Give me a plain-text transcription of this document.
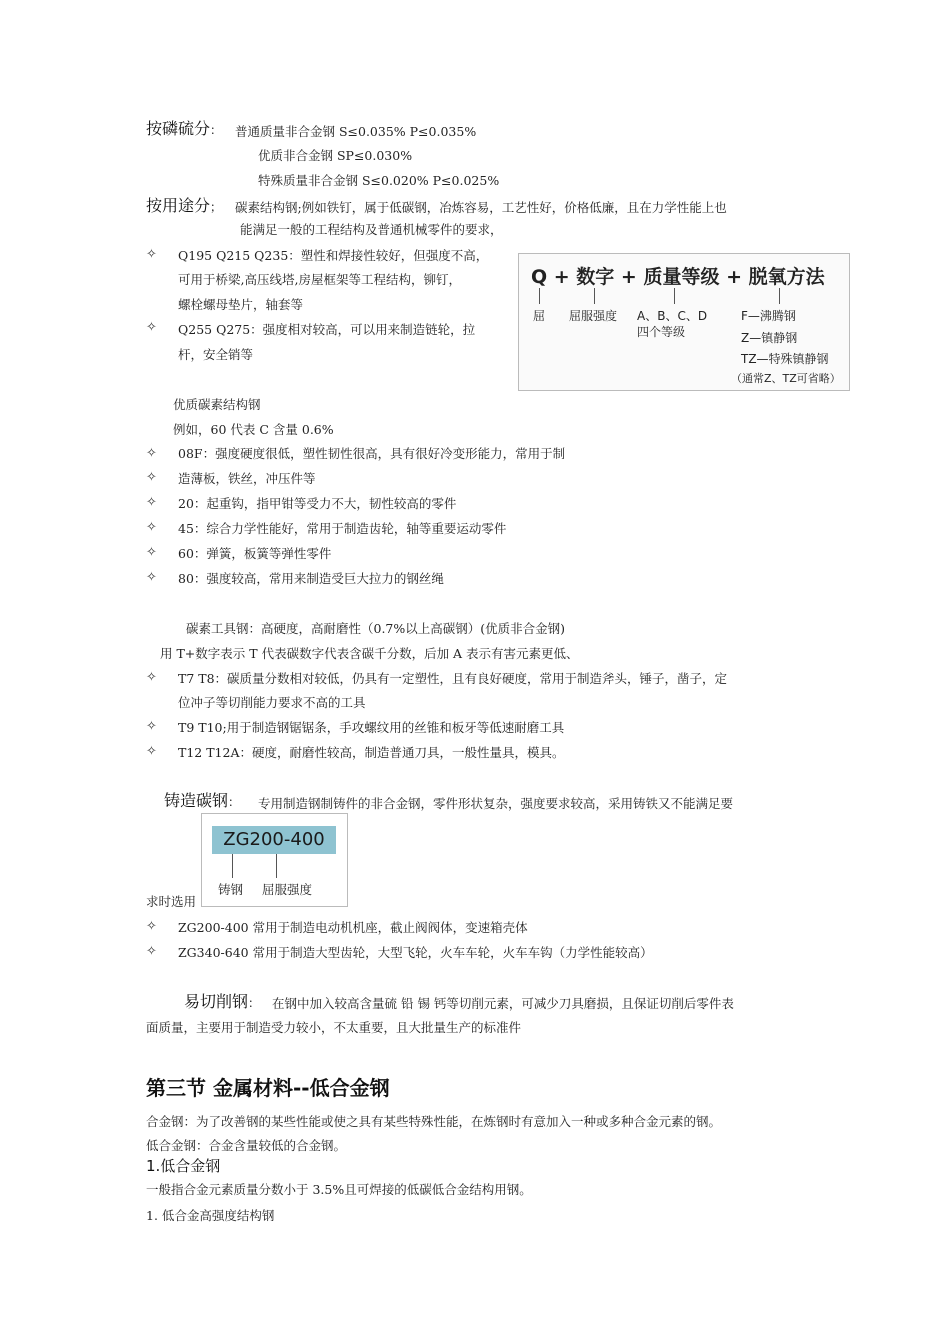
按磷硫分： 普通质量非合金钢 S≤0.035% P≤0.035%
优质非合金钢 SP≤0.030%
特殊质量非合金钢 S≤0.020% P≤0.025%
按用途分； 碳素结构钢;例如铁钉，属于低碳钢，冶炼容易，工艺性好，价格低廉，且在力学性能上也
能满足一般的工程结构及普通机械零件的要求，
✧ Q195 Q215 Q235：塑性和焊接性较好，但强度不高，
可用于桥梁,高压线塔,房屋框架等工程结构，铆钉，
螺栓螺母垫片，轴套等
✧ Q255 Q275：强度相对较高，可以用来制造链轮，拉
杆，安全销等
Q + 数字 + 质量等级 + 脱氧方法
屈 屈服强度 A、B、C、D
四个等级
F—沸腾钢
Z—镇静钢
TZ—特殊镇静钢
（通常Z、TZ可省略）
优质碳素结构钢
例如，60 代表 C 含量 0.6%
✧ 08F：强度硬度很低，塑性韧性很高，具有很好冷变形能力，常用于制
✧ 造薄板，铁丝，冲压件等
✧ 20：起重钩，指甲钳等受力不大，韧性较高的零件
✧ 45：综合力学性能好，常用于制造齿轮，轴等重要运动零件
✧ 60：弹簧，板簧等弹性零件
✧ 80：强度较高，常用来制造受巨大拉力的钢丝绳
碳素工具钢：高硬度，高耐磨性（0.7%以上高碳钢）(优质非合金钢)
用 T+数字表示 T 代表碳数字代表含碳千分数，后加 A 表示有害元素更低、
✧ T7 T8：碳质量分数相对较低，仍具有一定塑性，且有良好硬度，常用于制造斧头，锤子，凿子，定
位冲子等切削能力要求不高的工具
✧ T9 T10;用于制造钢锯锯条，手攻螺纹用的丝锥和板牙等低速耐磨工具
✧ T12 T12A：硬度，耐磨性较高，制造普通刀具，一般性量具，模具。
铸造碳钢： 专用制造钢制铸件的非合金钢，零件形状复杂，强度要求较高，采用铸铁又不能满足要
ZG200-400
铸钢 屈服强度
求时选用
✧ ZG200-400 常用于制造电动机机座，截止阀阀体，变速箱壳体
✧ ZG340-640 常用于制造大型齿轮，大型飞轮，火车车轮，火车车钩（力学性能较高）
易切削钢： 在钢中加入较高含量硫 铅 锡 钙等切削元素，可减少刀具磨损，且保证切削后零件表
面质量，主要用于制造受力较小，不太重要，且大批量生产的标准件
第三节 金属材料--低合金钢
合金钢：为了改善钢的某些性能或使之具有某些特殊性能，在炼钢时有意加入一种或多种合金元素的钢。
低合金钢：合金含量较低的合金钢。
1.低合金钢
一般指合金元素质量分数小于 3.5%且可焊接的低碳低合金结构用钢。
1. 低合金高强度结构钢
